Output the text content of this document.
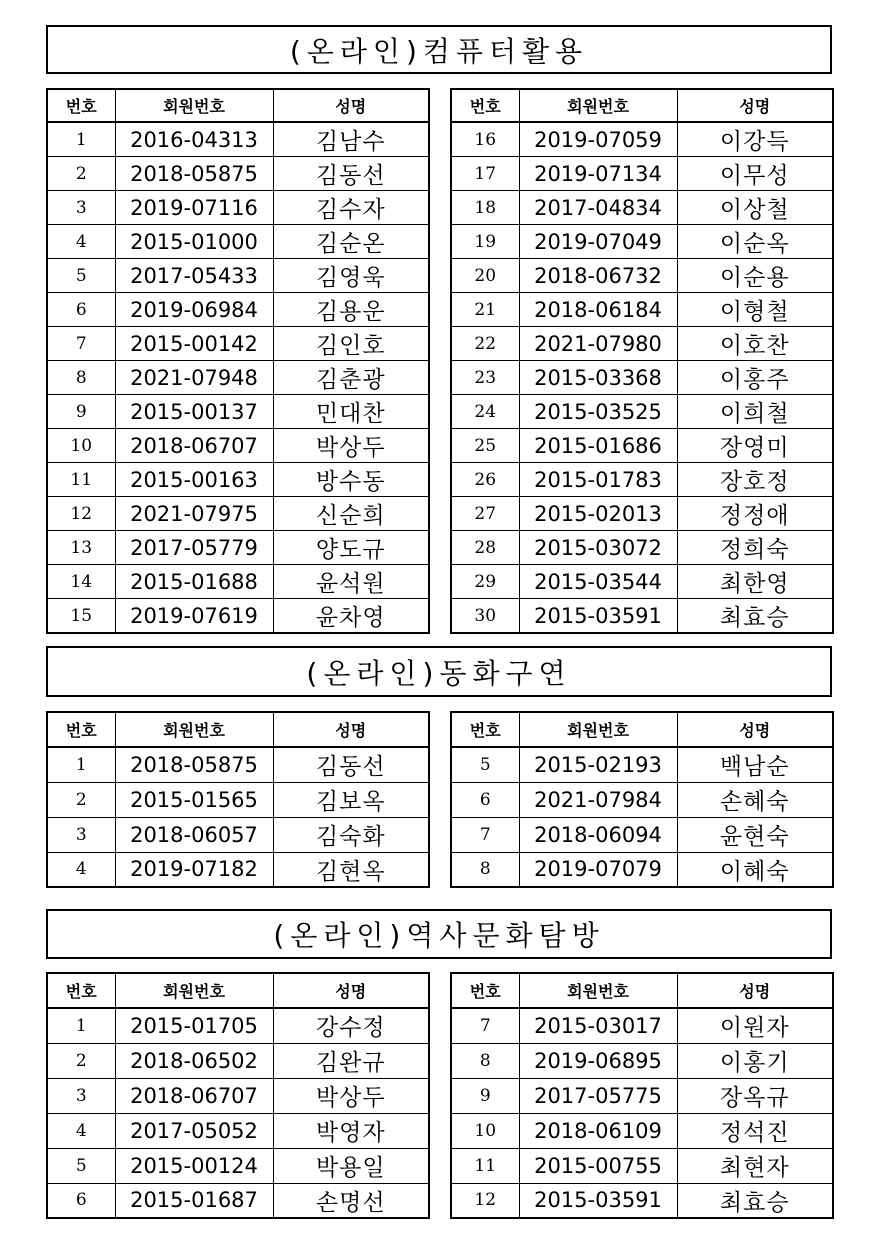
(온라인)컴퓨터활용
번호	회원번호	성명
1	2016-04313	김남수
2	2018-05875	김동선
3	2019-07116	김수자
4	2015-01000	김순온
5	2017-05433	김영욱
6	2019-06984	김용운
7	2015-00142	김인호
8	2021-07948	김춘광
9	2015-00137	민대찬
10	2018-06707	박상두
11	2015-00163	방수동
12	2021-07975	신순희
13	2017-05779	양도규
14	2015-01688	윤석원
15	2019-07619	윤차영
번호	회원번호	성명
16	2019-07059	이강득
17	2019-07134	이무성
18	2017-04834	이상철
19	2019-07049	이순옥
20	2018-06732	이순용
21	2018-06184	이형철
22	2021-07980	이호찬
23	2015-03368	이홍주
24	2015-03525	이희철
25	2015-01686	장영미
26	2015-01783	장호정
27	2015-02013	정정애
28	2015-03072	정희숙
29	2015-03544	최한영
30	2015-03591	최효승
(온라인)동화구연
번호	회원번호	성명
1	2018-05875	김동선
2	2015-01565	김보옥
3	2018-06057	김숙화
4	2019-07182	김현옥
번호	회원번호	성명
5	2015-02193	백남순
6	2021-07984	손혜숙
7	2018-06094	윤현숙
8	2019-07079	이혜숙
(온라인)역사문화탐방
번호	회원번호	성명
1	2015-01705	강수정
2	2018-06502	김완규
3	2018-06707	박상두
4	2017-05052	박영자
5	2015-00124	박용일
6	2015-01687	손명선
번호	회원번호	성명
7	2015-03017	이원자
8	2019-06895	이홍기
9	2017-05775	장옥규
10	2018-06109	정석진
11	2015-00755	최현자
12	2015-03591	최효승
